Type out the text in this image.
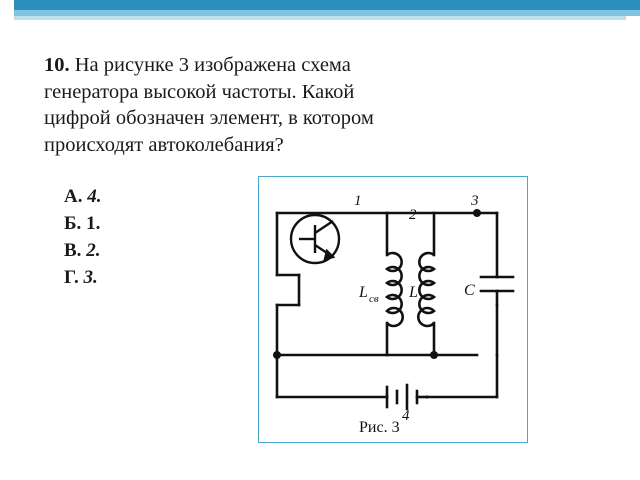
10. На рисунке 3 изображена схема генератора высокой частоты. Какой цифрой обозначен элемент, в котором происходят автоколебания?
А. 4.
Б. 1.
В. 2.
Г. 3.
1
2
3
4
L св L	C
Рис. 3
